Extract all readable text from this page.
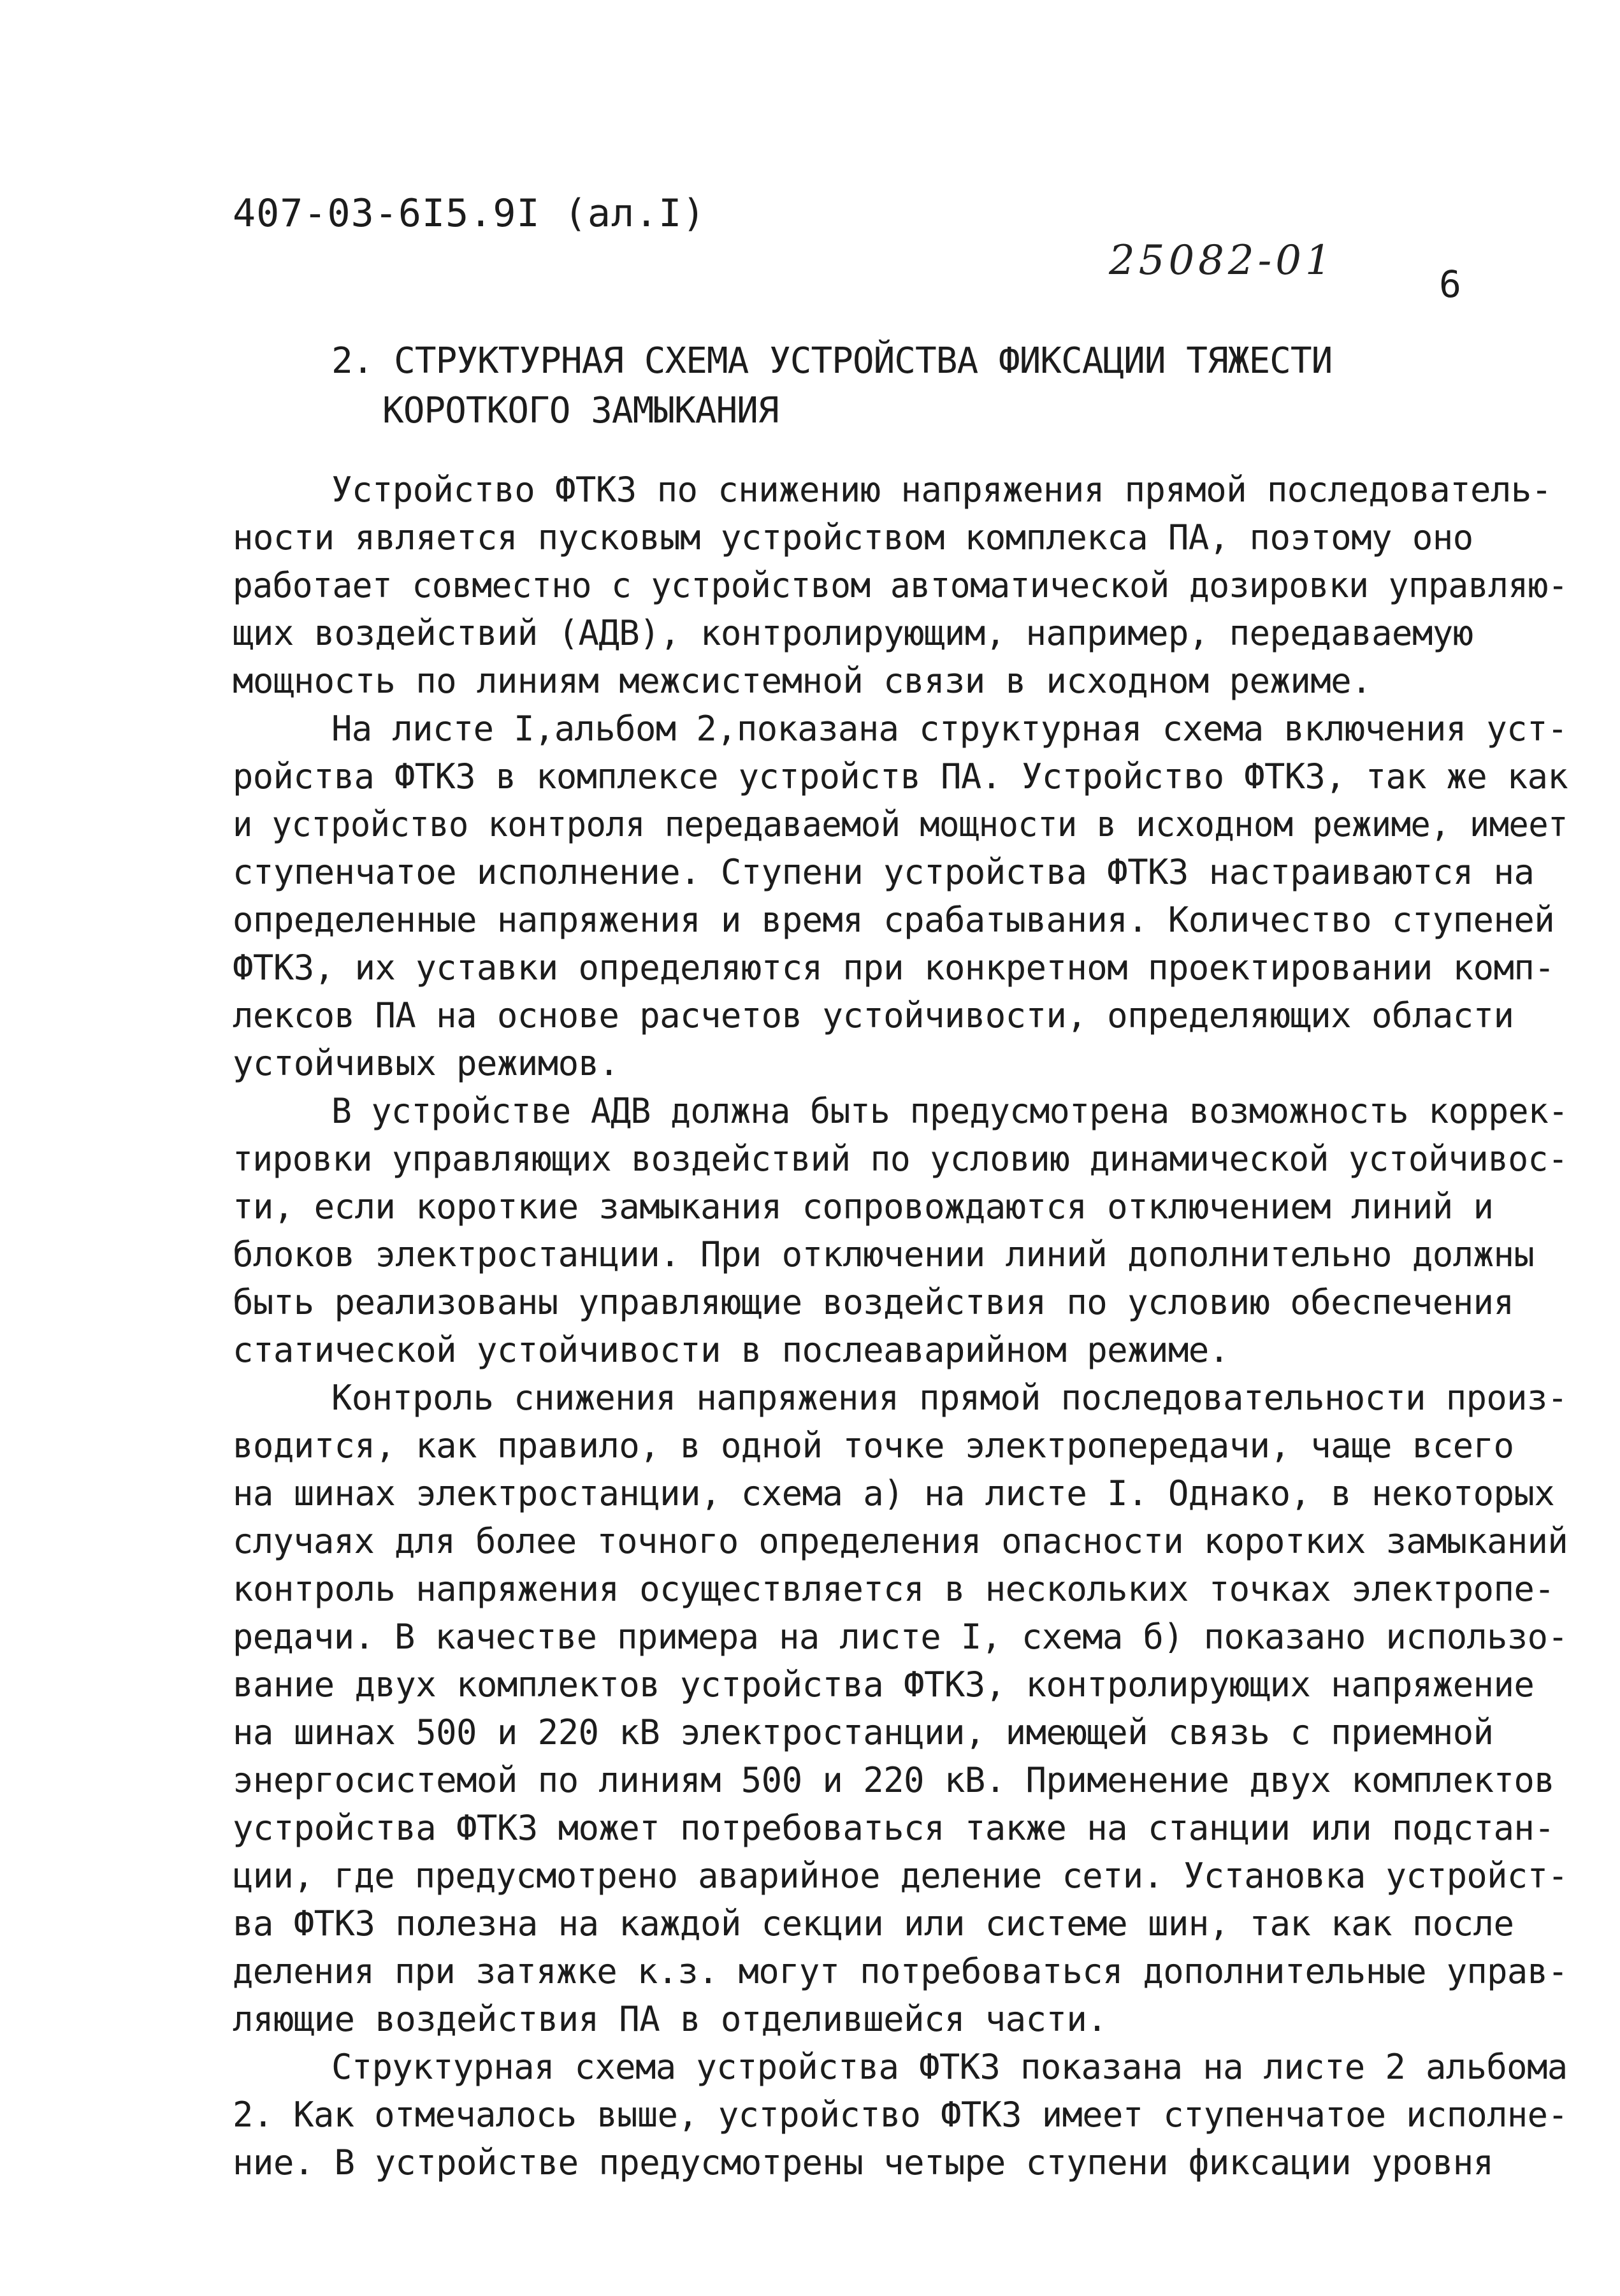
407-03-6I5.9I (ал.I)
25082-01	6
2. СТРУКТУРНАЯ СХЕМА УСТРОЙСТВА ФИКСАЦИИ ТЯЖЕСТИ
КОРОТКОГО ЗАМЫКАНИЯ
Устройство ФТКЗ по снижению напряжения прямой последователь-
ности является пусковым устройством комплекса ПА, поэтому оно
работает совместно с устройством автоматической дозировки управляю-
щих воздействий (АДВ), контролирующим, например, передаваемую
мощность по линиям межсистемной связи в исходном режиме.
На листе I,альбом 2,показана структурная схема включения уст-
ройства ФТКЗ в комплексе устройств ПА. Устройство ФТКЗ, так же как
и устройство контроля передаваемой мощности в исходном режиме, имеет
ступенчатое исполнение. Ступени устройства ФТКЗ настраиваются на
определенные напряжения и время срабатывания. Количество ступеней
ФТКЗ, их уставки определяются при конкретном проектировании комп-
лексов ПА на основе расчетов устойчивости, определяющих области
устойчивых режимов.
В устройстве АДВ должна быть предусмотрена возможность коррек-
тировки управляющих воздействий по условию динамической устойчивос-
ти, если короткие замыкания сопровождаются отключением линий и
блоков электростанции. При отключении линий дополнительно должны
быть реализованы управляющие воздействия по условию обеспечения
статической устойчивости в послеаварийном режиме.
Контроль снижения напряжения прямой последовательности произ-
водится, как правило, в одной точке электропередачи, чаще всего
на шинах электростанции, схема а) на листе I. Однако, в некоторых
случаях для более точного определения опасности коротких замыканий
контроль напряжения осуществляется в нескольких точках электропе-
редачи. В качестве примера на листе I, схема б) показано использо-
вание двух комплектов устройства ФТКЗ, контролирующих напряжение
на шинах 500 и 220 кВ электростанции, имеющей связь с приемной
энергосистемой по линиям 500 и 220 кВ. Применение двух комплектов
устройства ФТКЗ может потребоваться также на станции или подстан-
ции, где предусмотрено аварийное деление сети. Установка устройст-
ва ФТКЗ полезна на каждой секции или системе шин, так как после
деления при затяжке к.з. могут потребоваться дополнительные управ-
ляющие воздействия ПА в отделившейся части.
Структурная схема устройства ФТКЗ показана на листе 2 альбома
2. Как отмечалось выше, устройство ФТКЗ имеет ступенчатое исполне-
ние. В устройстве предусмотрены четыре ступени фиксации уровня
